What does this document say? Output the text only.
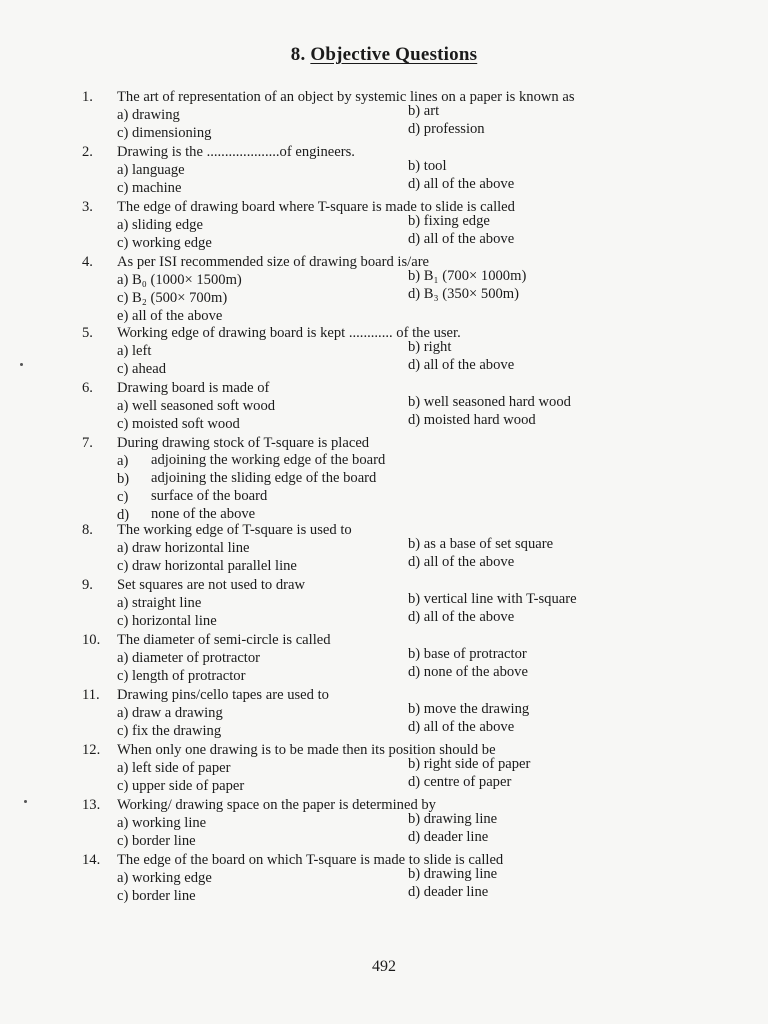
8. Objective Questions
1. The art of representation of an object by systemic lines on a paper is known as
a) drawing	b) art
c) dimensioning	d) profession
2. Drawing is the ....................of engineers.
a) language	b) tool
c) machine	d) all of the above
3. The edge of drawing board where T-square is made to slide is called
a) sliding edge	b) fixing edge
c) working edge	d) all of the above
4. As per ISI recommended size of drawing board is/are
a) B₀ (1000× 1500m)	b) B₁ (700× 1000m)
c) B₂ (500× 700m)	d) B₃ (350× 500m)
e) all of the above
5. Working edge of drawing board is kept ............ of the user.
a) left	b) right
c) ahead	d) all of the above
6. Drawing board is made of
a) well seasoned soft wood	b) well seasoned hard wood
c) moisted soft wood	d) moisted hard wood
7. During drawing stock of T-square is placed
a) adjoining the working edge of the board
b) adjoining the sliding edge of the board
c) surface of the board
d) none of the above
8. The working edge of T-square is used to
a) draw horizontal line	b) as a base of set square
c) draw horizontal parallel line	d) all of the above
9. Set squares are not used to draw
a) straight line	b) vertical line with T-square
c) horizontal line	d) all of the above
10. The diameter of semi-circle is called
a) diameter of protractor	b) base of protractor
c) length of protractor	d) none of the above
11. Drawing pins/cello tapes are used to
a) draw a drawing	b) move the drawing
c) fix the drawing	d) all of the above
12. When only one drawing is to be made then its position should be
a) left side of paper	b) right side of paper
c) upper side of paper	d) centre of paper
13. Working/ drawing space on the paper is determined by
a) working line	b) drawing line
c) border line	d) deader line
14. The edge of the board on which T-square is made to slide is called
a) working edge	b) drawing line
c) border line	d) deader line
492
